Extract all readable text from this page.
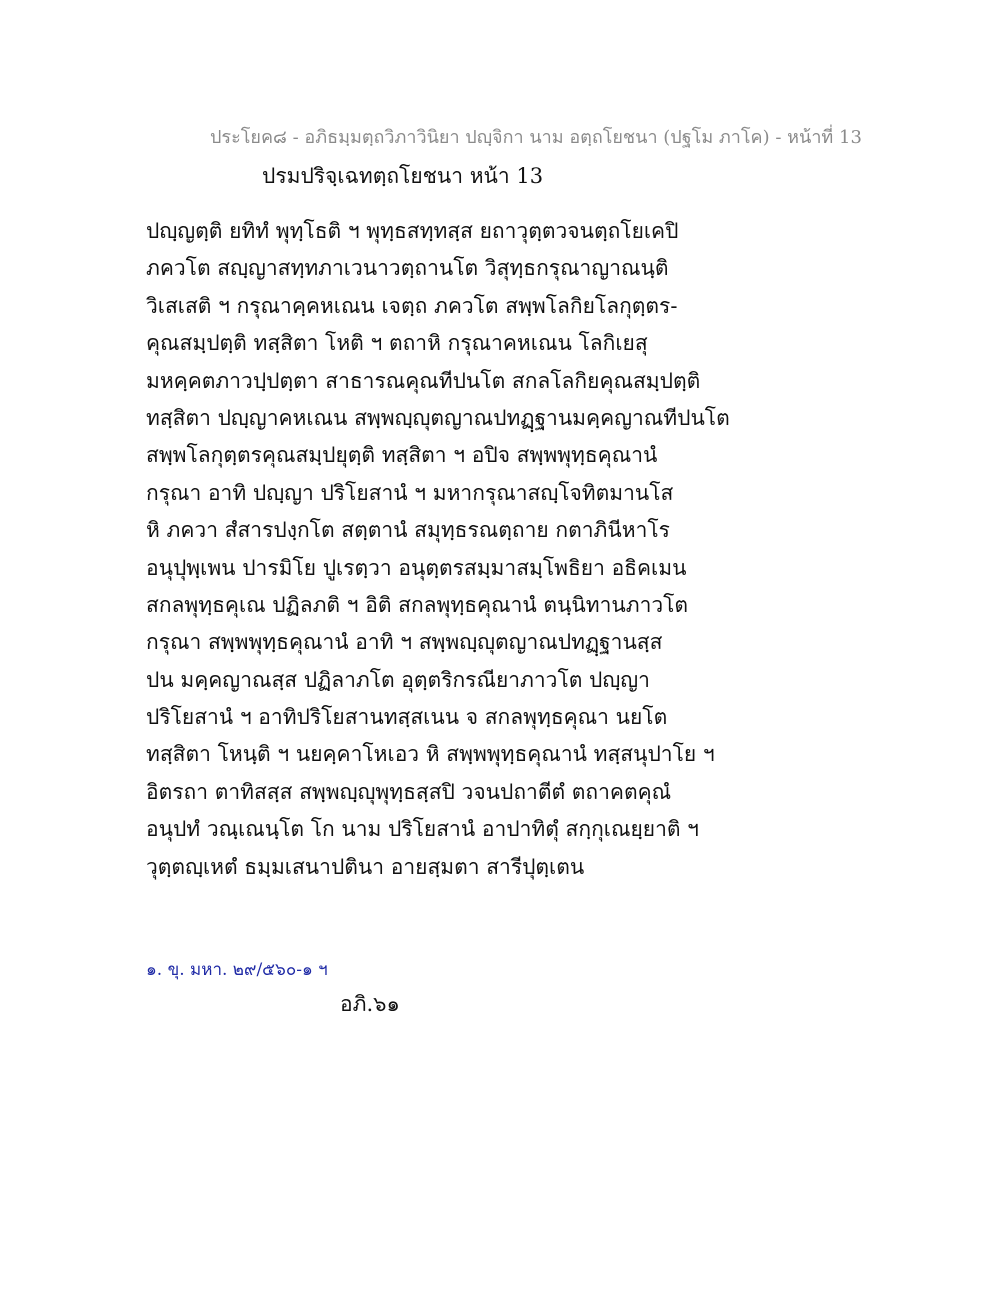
ประโยค๘ - อภิธมฺมตฺถวิภาวินิยา ปญฺจิกา นาม อตฺถโยชนา (ปฐโม ภาโค) - หน้าที่ 13
ปรมปริจฺเฉทตฺถโยชนา หน้า 13
ปญฺญตฺติ ยทิทํ พุทฺโธติ ฯ พุทฺธสทฺทสฺส ยถาวุตฺตวจนตฺถโยเคปิ
ภควโต สญฺญาสทฺทภาเวนาวตฺถานโต วิสุทฺธกรุณาญาณนฺติ
วิเสเสติ ฯ กรุณาคฺคหเณน เจตฺถ ภควโต สพฺพโลกิยโลกุตฺตร-
คุณสมฺปตฺติ ทสฺสิตา โหติ ฯ ตถาหิ กรุณาคหเณน โลกิเยสุ
มหคฺคตภาวปฺปตฺตา สาธารณคุณทีปนโต สกลโลกิยคุณสมฺปตฺติ
ทสฺสิตา ปญฺญาคหเณน สพฺพญฺญุตญาณปทฏฺฐานมคฺคญาณทีปนโต
สพฺพโลกุตฺตรคุณสมฺปยุตฺติ ทสฺสิตา ฯ อปิจ สพฺพพุทฺธคุณานํ
กรุณา อาทิ ปญฺญา ปริโยสานํ ฯ มหากรุณาสญฺโจทิตมานโส
หิ ภควา สํสารปงฺกโต สตฺตานํ สมุทฺธรณตฺถาย กตาภินีหาโร
อนุปุพฺเพน ปารมิโย ปูเรตฺวา อนุตฺตรสมฺมาสมฺโพธิยา อธิคเมน
สกลพุทฺธคุเณ ปฏิลภติ ฯ อิติ สกลพุทฺธคุณานํ ตนฺนิทานภาวโต
กรุณา สพฺพพุทฺธคุณานํ อาทิ ฯ สพฺพญฺญุตญาณปทฏฺฐานสฺส
ปน มคฺคญาณสฺส ปฏิลาภโต อุตฺตริกรณียาภาวโต ปญฺญา
ปริโยสานํ ฯ อาทิปริโยสานทสฺสเนน จ สกลพุทฺธคุณา นยโต
ทสฺสิตา โหนฺติ ฯ นยคฺคาโหเอว หิ สพฺพพุทฺธคุณานํ ทสฺสนุปาโย ฯ
อิตรถา ตาทิสสฺส สพฺพญฺญุพุทฺธสฺสปิ วจนปถาตีตํ ตถาคตคุณํ
อนุปทํ วณฺเณนฺโต โก นาม ปริโยสานํ อาปาทิตุํ สกฺกุเณยฺยาติ ฯ
วุตฺตญฺเหตํ ธมฺมเสนาปตินา อายสฺมตา สารีปุตฺเตน
๑. ขุ. มหา. ๒๙/๕๖๐-๑ ฯ
อภิ.๖๑
